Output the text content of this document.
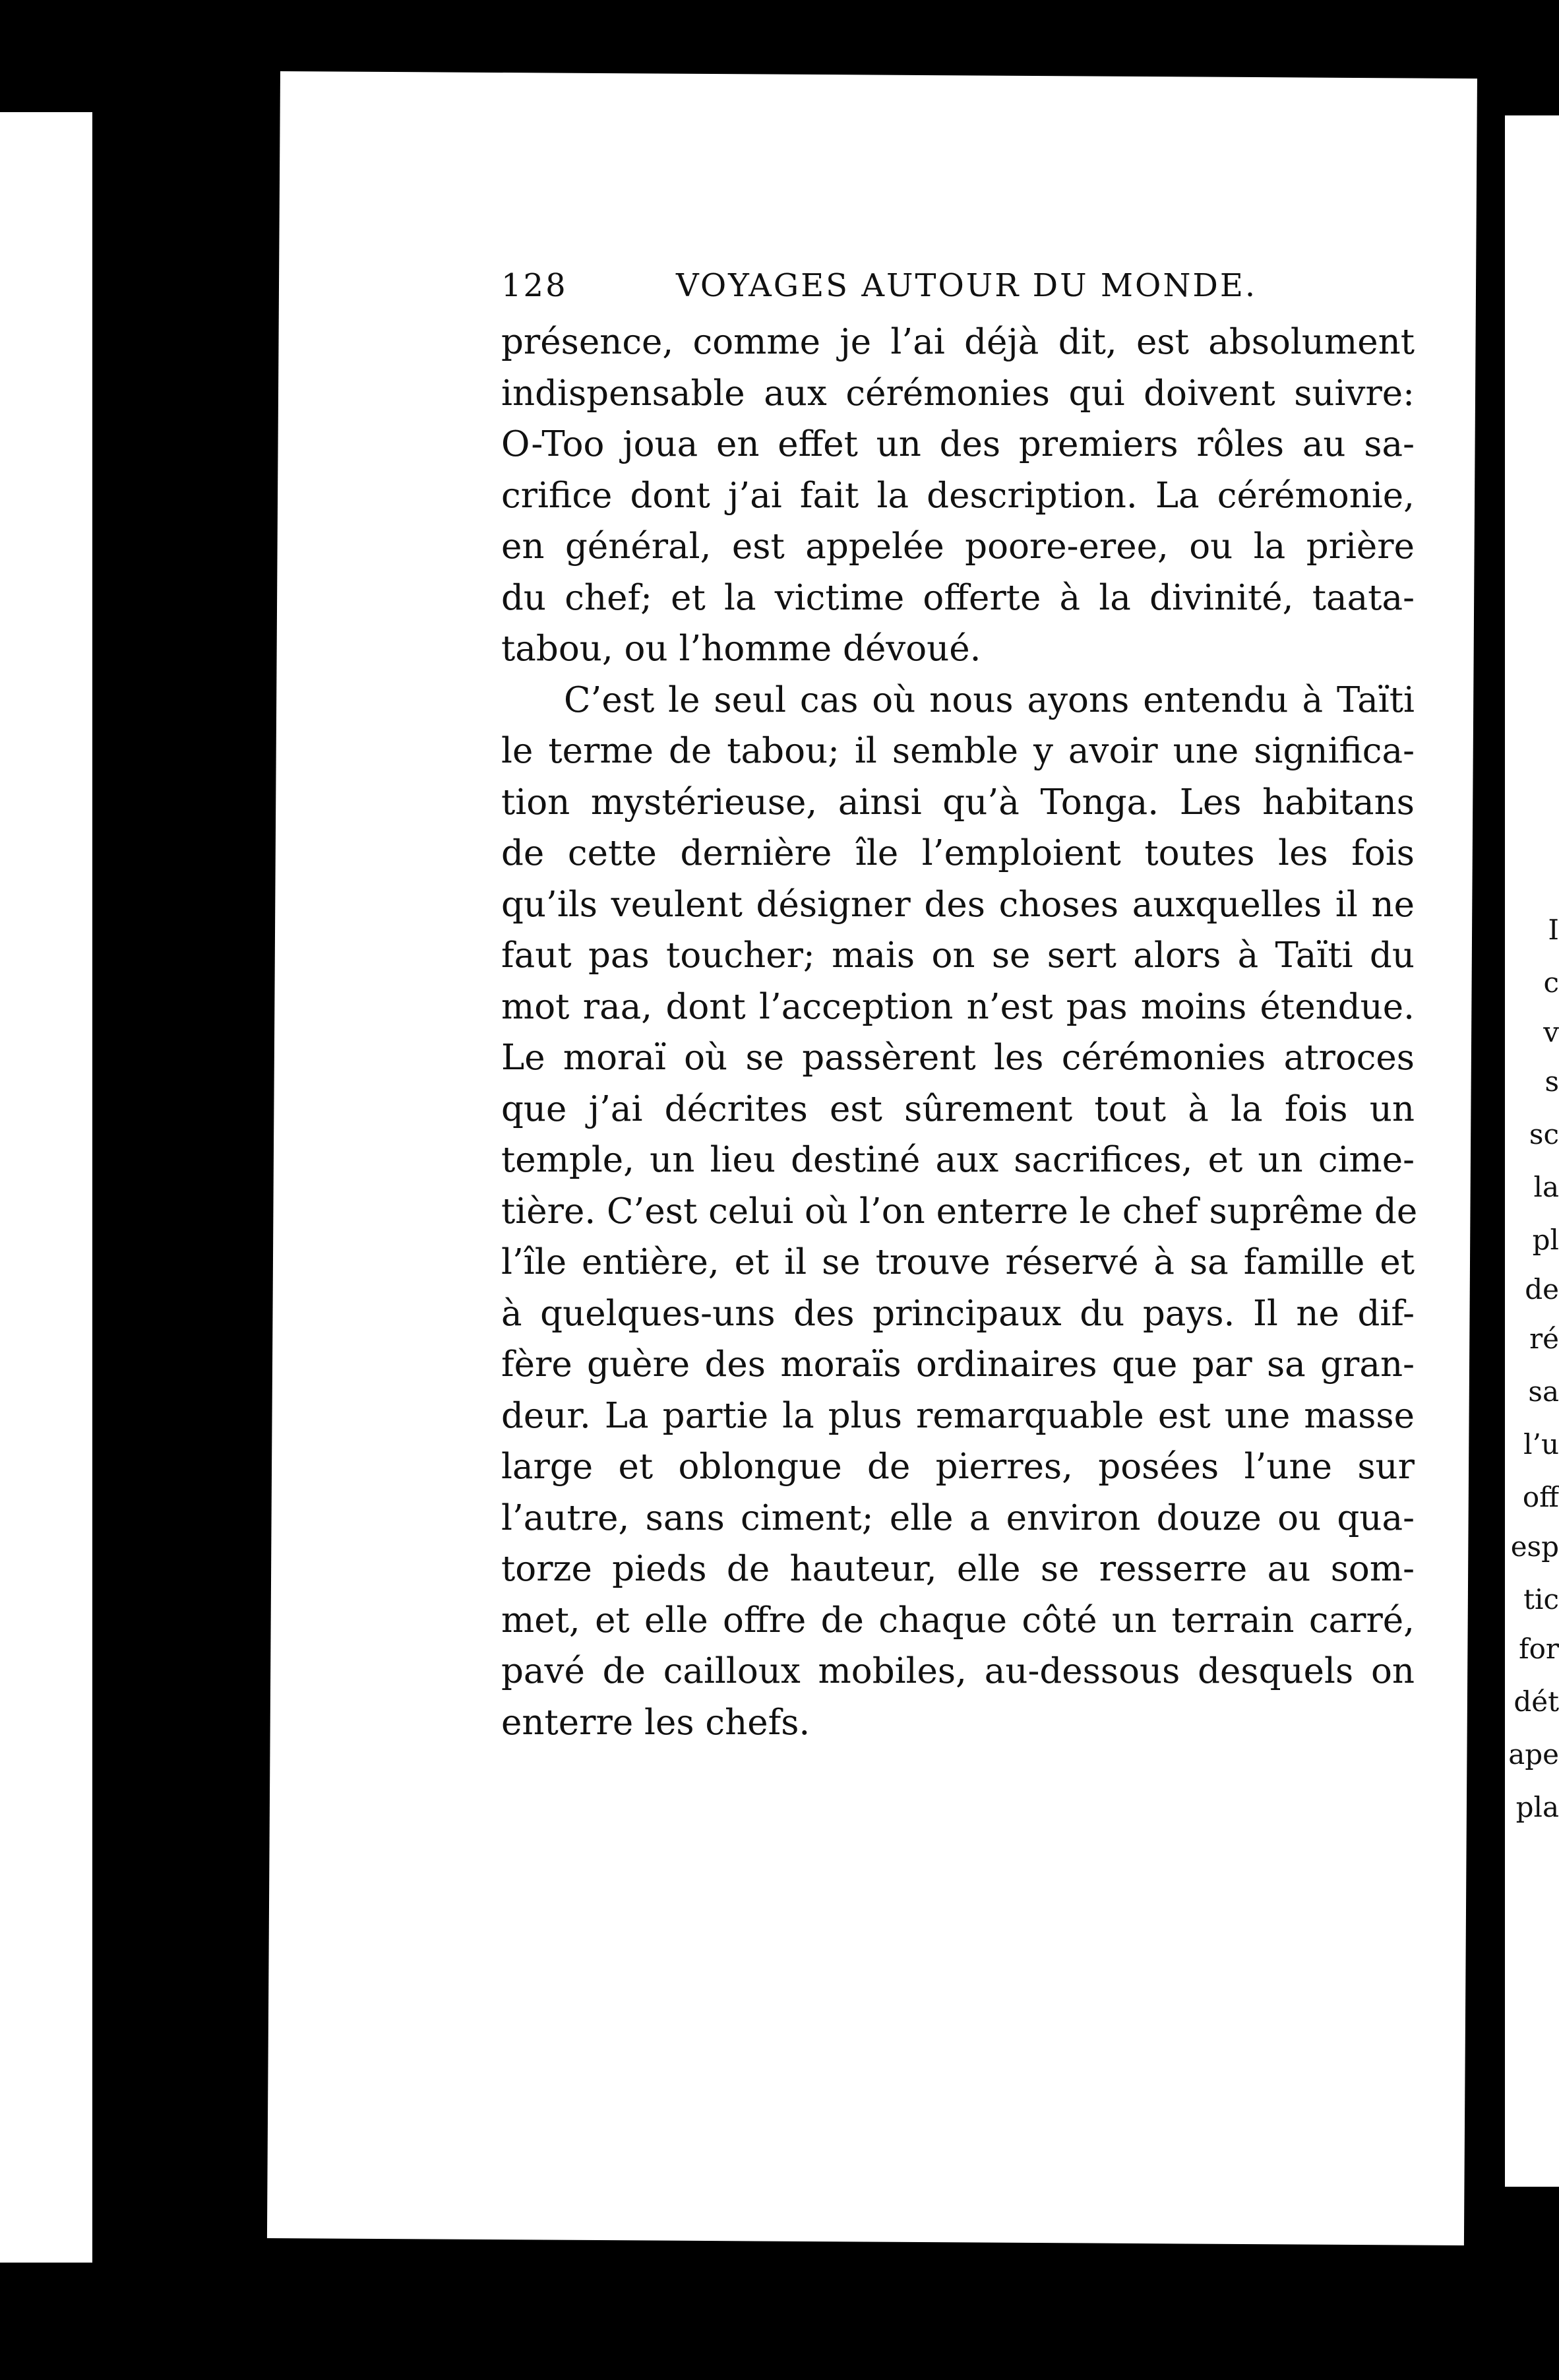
I
c
v
s
sc
la
pl
de
ré
sa
l’u
off
esp
tic
for
dét
ape
pla
128	VOYAGES AUTOUR DU MONDE.
présence, comme je l’ai déjà dit, est absolument
indispensable aux cérémonies qui doivent suivre:
O-Too joua en effet un des premiers rôles au sa-
crifice dont j’ai fait la description. La cérémonie,
en général, est appelée poore-eree, ou la prière
du chef; et la victime offerte à la divinité, taata-
tabou, ou l’homme dévoué.
C’est le seul cas où nous ayons entendu à Taïti
le terme de tabou; il semble y avoir une significa-
tion mystérieuse, ainsi qu’à Tonga. Les habitans
de cette dernière île l’emploient toutes les fois
qu’ils veulent désigner des choses auxquelles il ne
faut pas toucher; mais on se sert alors à Taïti du
mot raa, dont l’acception n’est pas moins étendue.
Le moraï où se passèrent les cérémonies atroces
que j’ai décrites est sûrement tout à la fois un
temple, un lieu destiné aux sacrifices, et un cime-
tière. C’est celui où l’on enterre le chef suprême de
l’île entière, et il se trouve réservé à sa famille et
à quelques-uns des principaux du pays. Il ne dif-
fère guère des moraïs ordinaires que par sa gran-
deur. La partie la plus remarquable est une masse
large et oblongue de pierres, posées l’une sur
l’autre, sans ciment; elle a environ douze ou qua-
torze pieds de hauteur, elle se resserre au som-
met, et elle offre de chaque côté un terrain carré,
pavé de cailloux mobiles, au-dessous desquels on
enterre les chefs.
